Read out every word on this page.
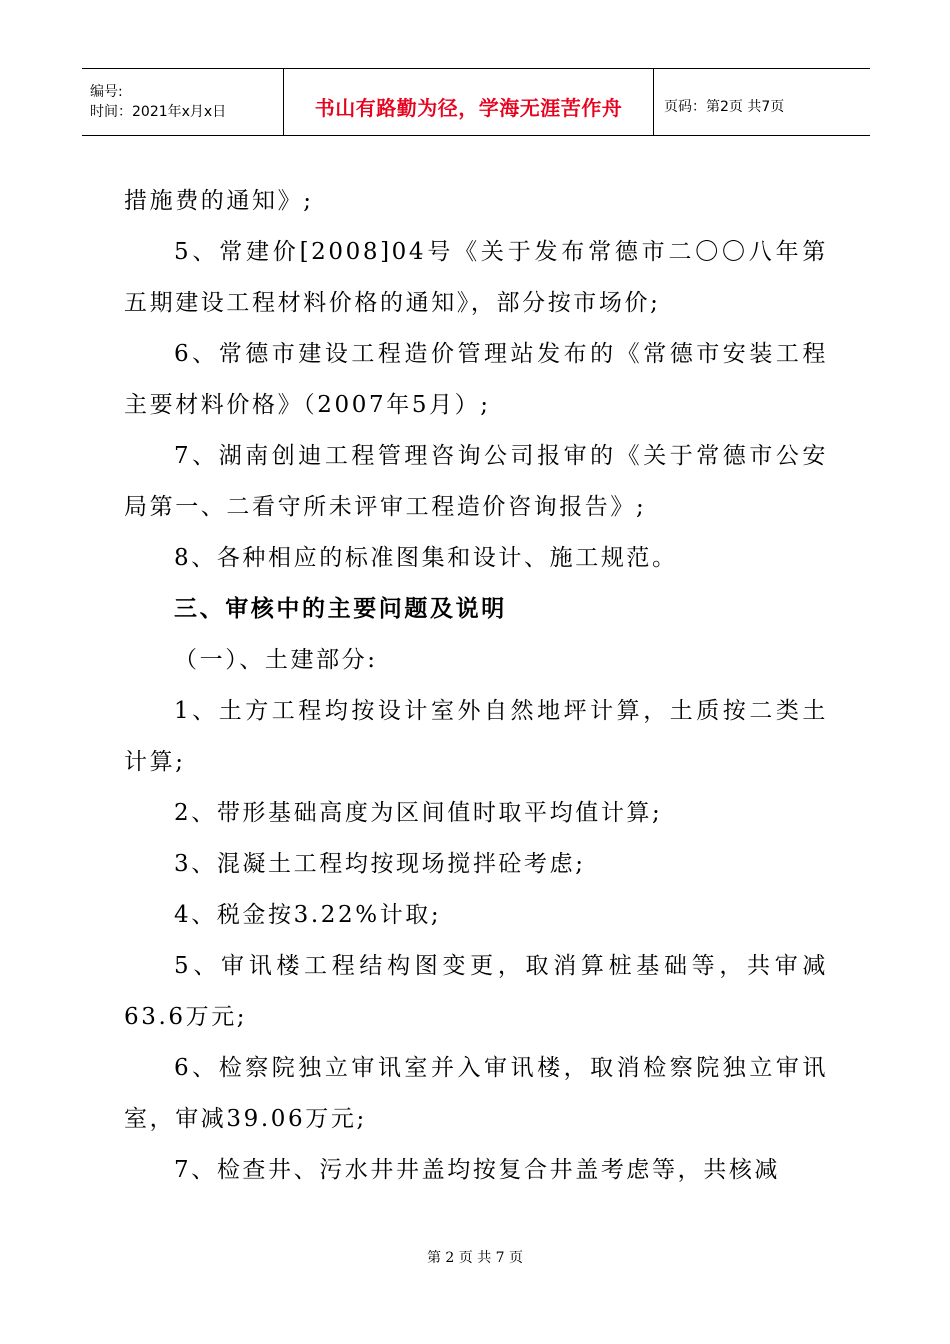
编号:
时间：2021年x月x日	书山有路勤为径，学海无涯苦作舟	页码：第2页 共7页

措施费的通知》;

5、常建价[2008]04号《关于发布常德市二〇〇八年第五期建设工程材料价格的通知》，部分按市场价;

6、常德市建设工程造价管理站发布的《常德市安装工程主要材料价格》（2007年5月）;

7、湖南创迪工程管理咨询公司报审的《关于常德市公安局第一、二看守所未评审工程造价咨询报告》;

8、各种相应的标准图集和设计、施工规范。

三、审核中的主要问题及说明

（一）、土建部分:

1、土方工程均按设计室外自然地坪计算，土质按二类土计算;

2、带形基础高度为区间值时取平均值计算;

3、混凝土工程均按现场搅拌砼考虑;

4、税金按3.22%计取;

5、审讯楼工程结构图变更，取消算桩基础等，共审减63.6万元;

6、检察院独立审讯室并入审讯楼，取消检察院独立审讯室，审减39.06万元;

7、检查井、污水井井盖均按复合井盖考虑等，共核减

第 2 页 共 7 页
